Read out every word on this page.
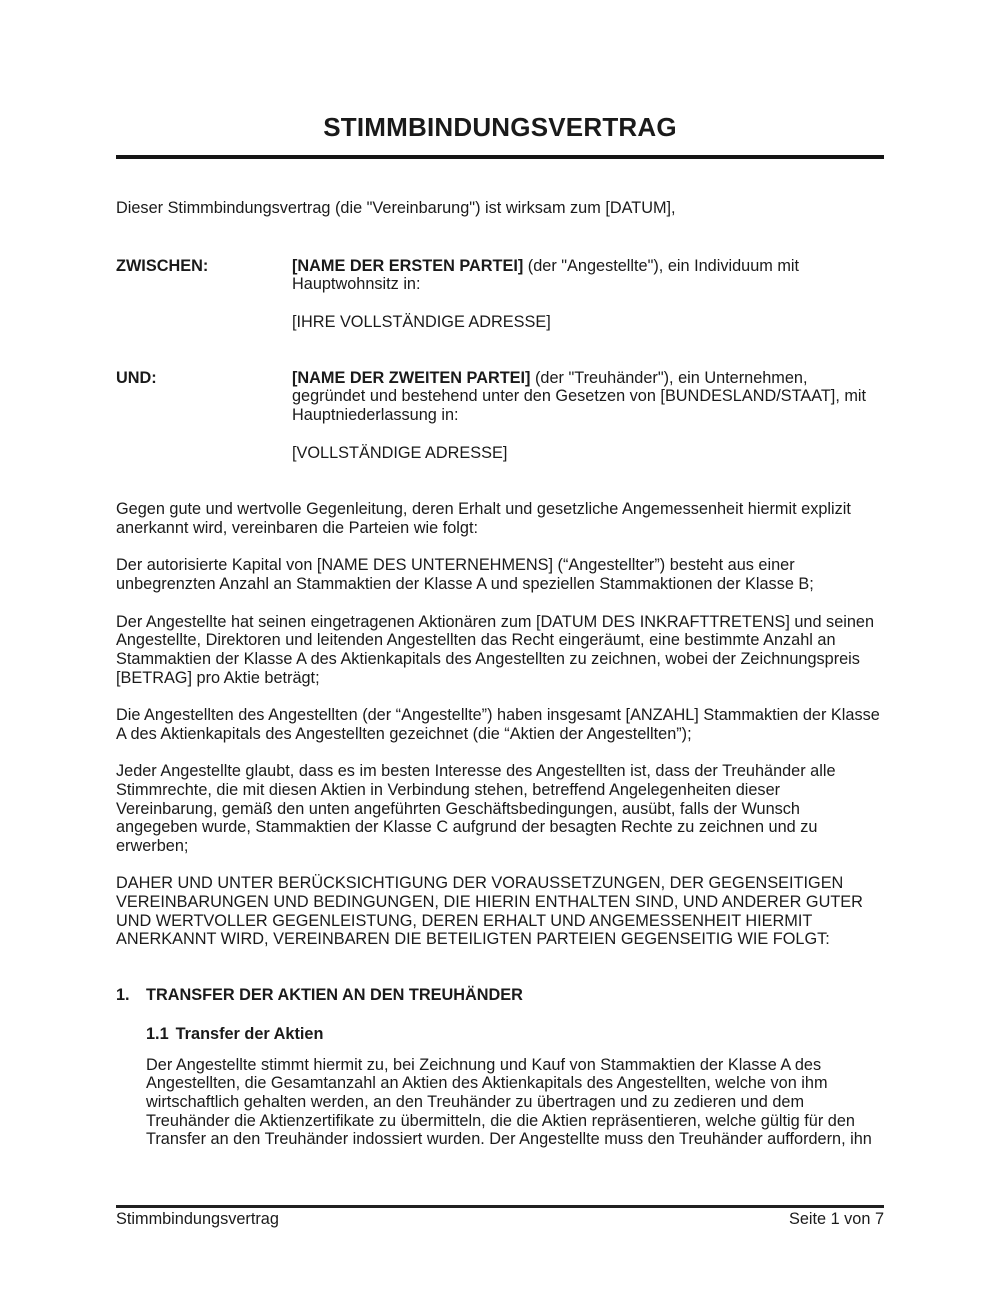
STIMMBINDUNGSVERTRAG

Dieser Stimmbindungsvertrag (die "Vereinbarung") ist wirksam zum [DATUM],

ZWISCHEN:	[NAME DER ERSTEN PARTEI] (der "Angestellte"), ein Individuum mit Hauptwohnsitz in:

[IHRE VOLLSTÄNDIGE ADRESSE]

UND:	[NAME DER ZWEITEN PARTEI] (der "Treuhänder"), ein Unternehmen, gegründet und bestehend unter den Gesetzen von [BUNDESLAND/STAAT], mit Hauptniederlassung in:

[VOLLSTÄNDIGE ADRESSE]

Gegen gute und wertvolle Gegenleitung, deren Erhalt und gesetzliche Angemessenheit hiermit explizit anerkannt wird, vereinbaren die Parteien wie folgt:

Der autorisierte Kapital von [NAME DES UNTERNEHMENS] (“Angestellter”) besteht aus einer unbegrenzten Anzahl an Stammaktien der Klasse A und speziellen Stammaktionen der Klasse B;

Der Angestellte hat seinen eingetragenen Aktionären zum [DATUM DES INKRAFTTRETENS] und seinen Angestellte, Direktoren und leitenden Angestellten das Recht eingeräumt, eine bestimmte Anzahl an Stammaktien der Klasse A des Aktienkapitals des Angestellten zu zeichnen, wobei der Zeichnungspreis [BETRAG] pro Aktie beträgt;

Die Angestellten des Angestellten (der “Angestellte”) haben insgesamt [ANZAHL] Stammaktien der Klasse A des Aktienkapitals des Angestellten gezeichnet (die “Aktien der Angestellten”);

Jeder Angestellte glaubt, dass es im besten Interesse des Angestellten ist, dass der Treuhänder alle Stimmrechte, die mit diesen Aktien in Verbindung stehen, betreffend Angelegenheiten dieser Vereinbarung, gemäß den unten angeführten Geschäftsbedingungen, ausübt, falls der Wunsch angegeben wurde, Stammaktien der Klasse C aufgrund der besagten Rechte zu zeichnen und zu erwerben;

DAHER UND UNTER BERÜCKSICHTIGUNG DER VORAUSSETZUNGEN, DER GEGENSEITIGEN VEREINBARUNGEN UND BEDINGUNGEN, DIE HIERIN ENTHALTEN SIND, UND ANDERER GUTER UND WERTVOLLER GEGENLEISTUNG, DEREN ERHALT UND ANGEMESSENHEIT HIERMIT ANERKANNT WIRD, VEREINBAREN DIE BETEILIGTEN PARTEIEN GEGENSEITIG WIE FOLGT:

1.	TRANSFER DER AKTIEN AN DEN TREUHÄNDER
1.1 Transfer der Aktien

Der Angestellte stimmt hiermit zu, bei Zeichnung und Kauf von Stammaktien der Klasse A des Angestellten, die Gesamtanzahl an Aktien des Aktienkapitals des Angestellten, welche von ihm wirtschaftlich gehalten werden, an den Treuhänder zu übertragen und zu zedieren und dem Treuhänder die Aktienzertifikate zu übermitteln, die die Aktien repräsentieren, welche gültig für den Transfer an den Treuhänder indossiert wurden. Der Angestellte muss den Treuhänder auffordern, ihn

Stimmbindungsvertrag	Seite 1 von 7
